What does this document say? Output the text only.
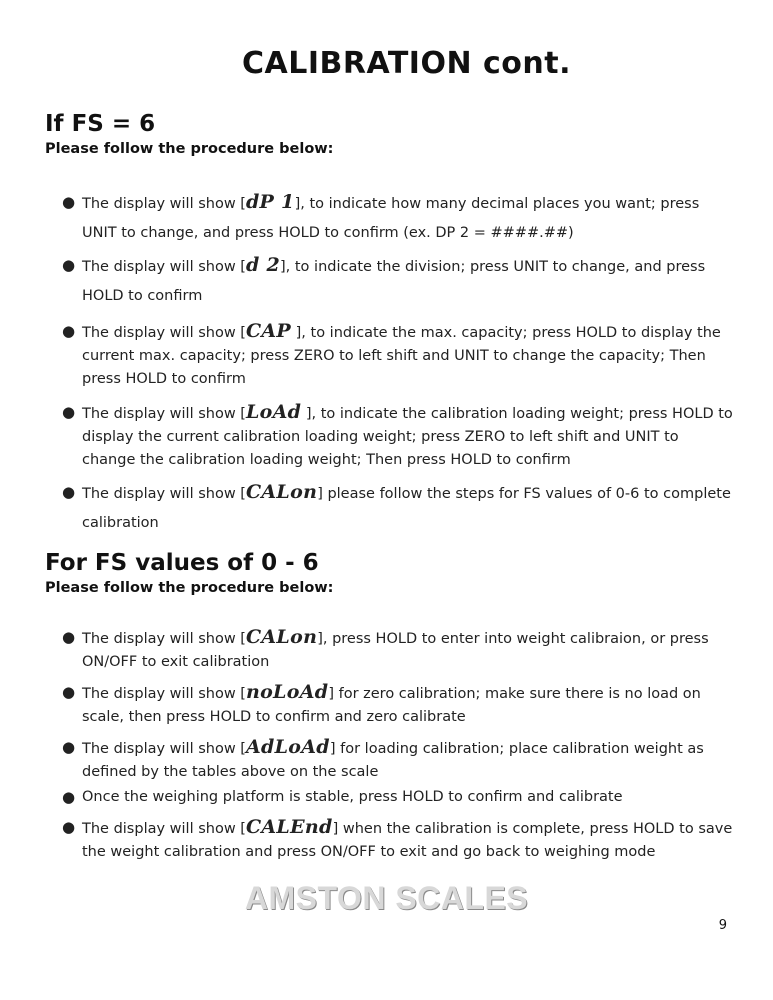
CALIBRATION cont.
If FS = 6
Please follow the procedure below:
● The display will show [dP 1], to indicate how many decimal places you want; press UNIT to change, and press HOLD to confirm (ex. DP 2 = ####.##)
● The display will show [d 2], to indicate the division; press UNIT to change, and press HOLD to confirm
● The display will show [CAP ], to indicate the max. capacity; press HOLD to display the current max. capacity; press ZERO to left shift and UNIT to change the capacity; Then press HOLD to confirm
● The display will show [LoAd ], to indicate the calibration loading weight; press HOLD to display the current calibration loading weight; press ZERO to left shift and UNIT to change the calibration loading weight; Then press HOLD to confirm
● The display will show [CALon] please follow the steps for FS values of 0-6 to complete calibration
For FS values of 0 - 6
Please follow the procedure below:
● The display will show [CALon], press HOLD to enter into weight calibraion, or press ON/OFF to exit calibration
● The display will show [noLoAd] for zero calibration; make sure there is no load on scale, then press HOLD to confirm and zero calibrate
● The display will show [AdLoAd] for loading calibration; place calibration weight as defined by the tables above on the scale
● Once the weighing platform is stable, press HOLD to confirm and calibrate
● The display will show [CALEnd] when the calibration is complete, press HOLD to save the weight calibration and press ON/OFF to exit and go back to weighing mode
AMSTON SCALES
9
